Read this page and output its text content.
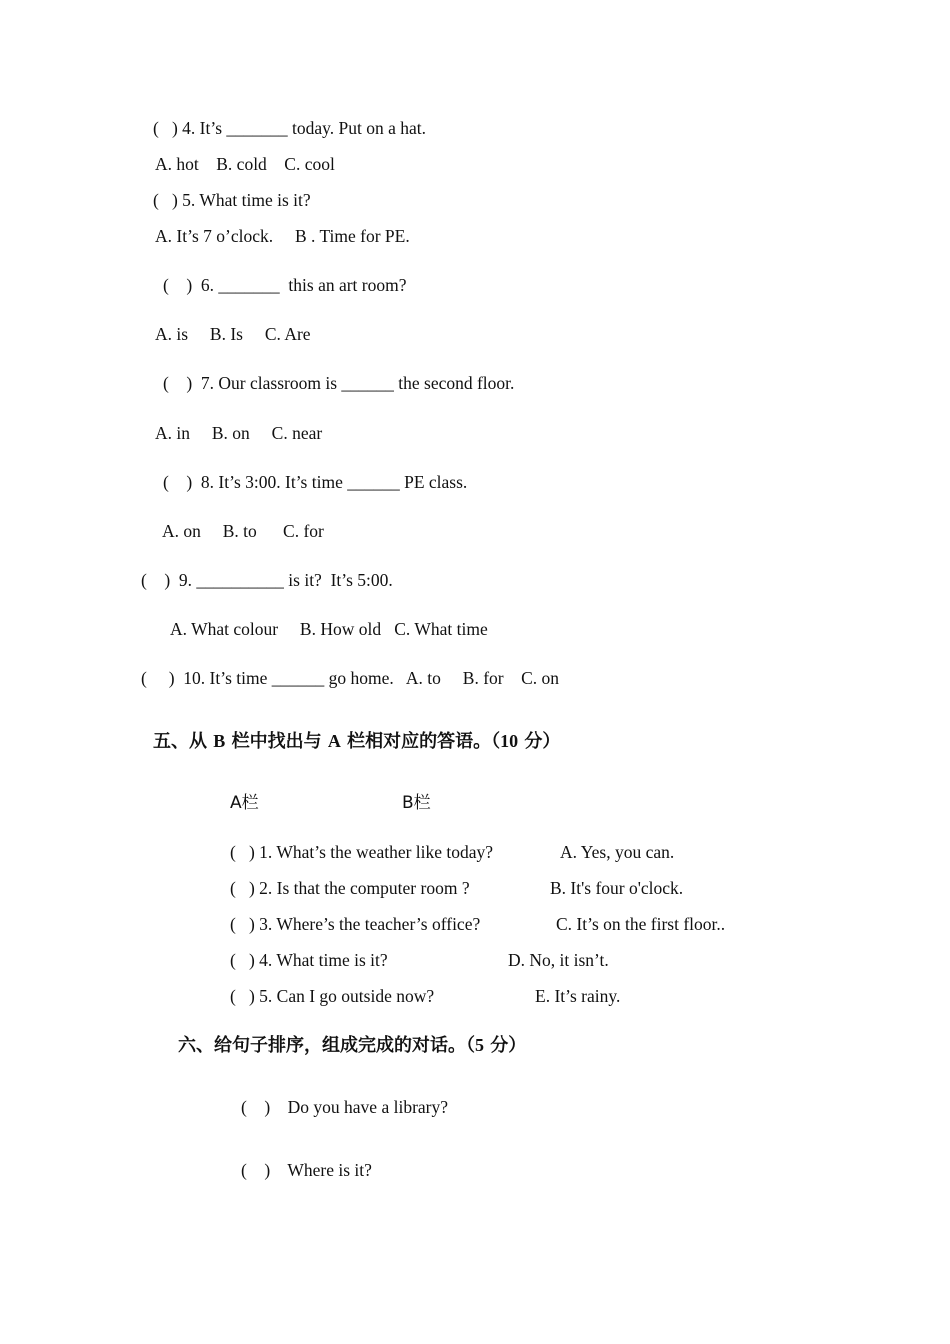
(   ) 4. It’s _______ today. Put on a hat.
A. hot    B. cold    C. cool
(   ) 5. What time is it?
A. It’s 7 o’clock.     B . Time for PE.
(    )  6. _______  this an art room?
A. is     B. Is     C. Are
(    )  7. Our classroom is ______ the second floor.
A. in     B. on     C. near
(    )  8. It’s 3:00. It’s time ______ PE class.
A. on     B. to      C. for
(    )  9. __________ is it?  It’s 5:00.
A. What colour     B. How old   C. What time
(     )  10. It’s time ______ go home.   A. to     B. for    C. on
五、从 B 栏中找出与 A 栏相对应的答语。（10 分）
A栏	B栏
(   ) 1. What’s the weather like today?	A. Yes, you can.
(   ) 2. Is that the computer room ?	B. It's four o'clock.
(   ) 3. Where’s the teacher’s office?	C. It’s on the first floor..
(   ) 4. What time is it?	D. No, it isn’t.
(   ) 5. Can I go outside now?	E. It’s rainy.
六、给句子排序，组成完成的对话。（5 分）
(    )    Do you have a library?
(    )    Where is it?
